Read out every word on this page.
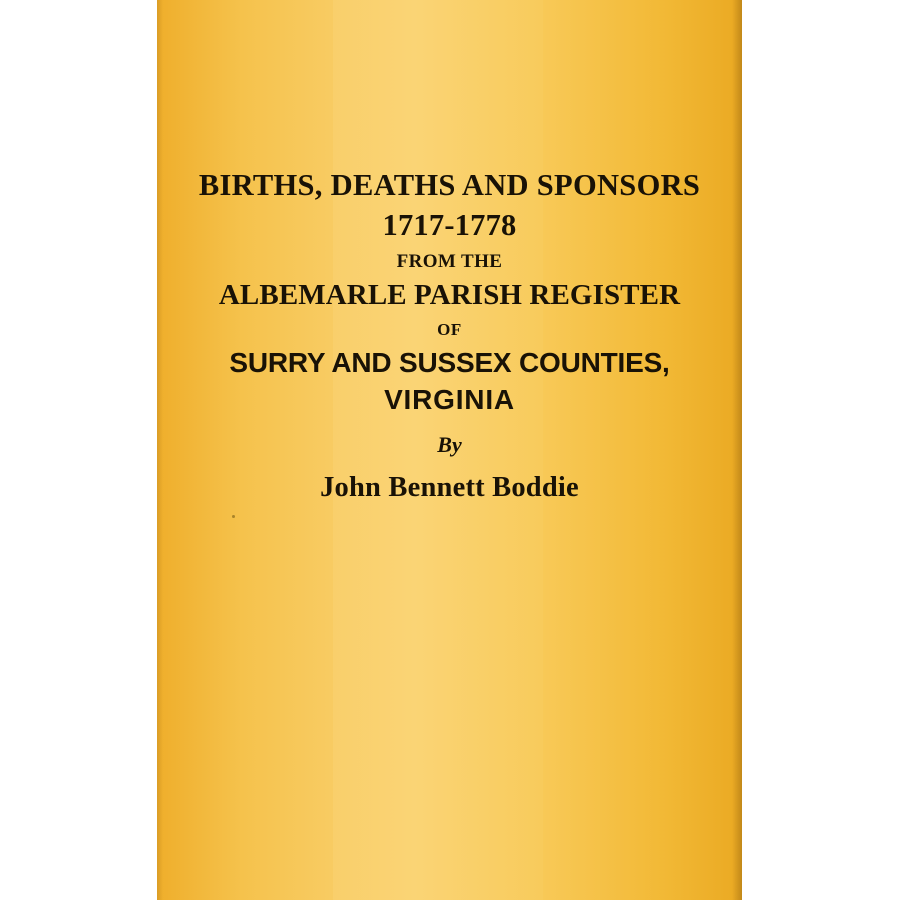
BIRTHS, DEATHS AND SPONSORS

1717-1778

FROM THE

ALBEMARLE PARISH REGISTER

OF

SURRY AND SUSSEX COUNTIES,

VIRGINIA

By

John Bennett Boddie
